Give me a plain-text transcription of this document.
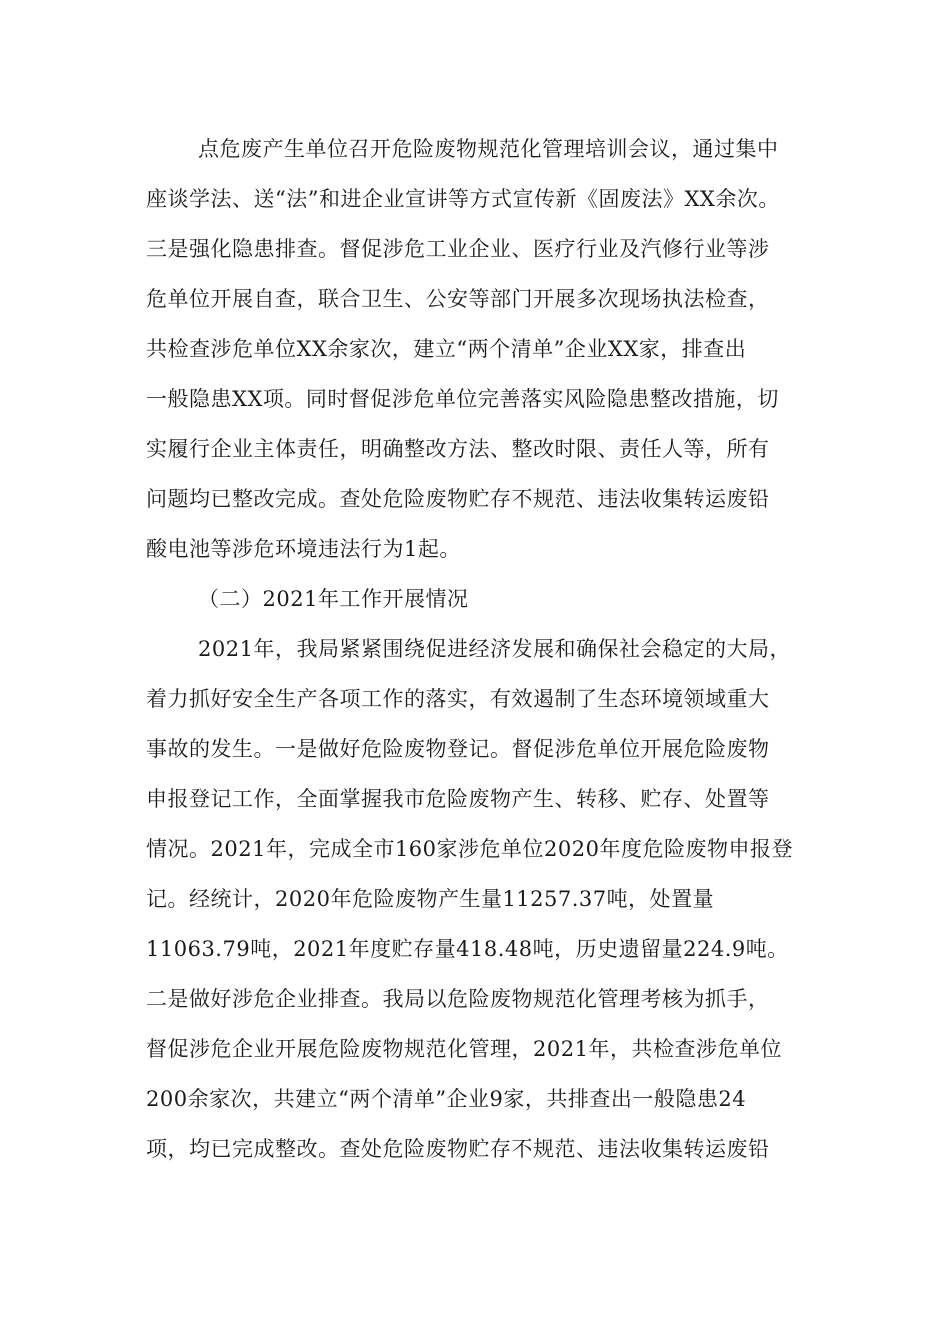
点危废产生单位召开危险废物规范化管理培训会议，通过集中
座谈学法、送“法”和进企业宣讲等方式宣传新《固废法》XX余次。
三是强化隐患排查。督促涉危工业企业、医疗行业及汽修行业等涉
危单位开展自查，联合卫生、公安等部门开展多次现场执法检查，
共检查涉危单位XX余家次，建立“两个清单”企业XX家，排查出
一般隐患XX项。同时督促涉危单位完善落实风险隐患整改措施，切
实履行企业主体责任，明确整改方法、整改时限、责任人等，所有
问题均已整改完成。查处危险废物贮存不规范、违法收集转运废铅
酸电池等涉危环境违法行为1起。
（二）2021年工作开展情况
2021年，我局紧紧围绕促进经济发展和确保社会稳定的大局，
着力抓好安全生产各项工作的落实，有效遏制了生态环境领域重大
事故的发生。一是做好危险废物登记。督促涉危单位开展危险废物
申报登记工作，全面掌握我市危险废物产生、转移、贮存、处置等
情况。2021年，完成全市160家涉危单位2020年度危险废物申报登
记。经统计，2020年危险废物产生量11257.37吨，处置量
11063.79吨，2021年度贮存量418.48吨，历史遗留量224.9吨。
二是做好涉危企业排查。我局以危险废物规范化管理考核为抓手，
督促涉危企业开展危险废物规范化管理，2021年，共检查涉危单位
200余家次，共建立“两个清单”企业9家，共排查出一般隐患24
项，均已完成整改。查处危险废物贮存不规范、违法收集转运废铅
